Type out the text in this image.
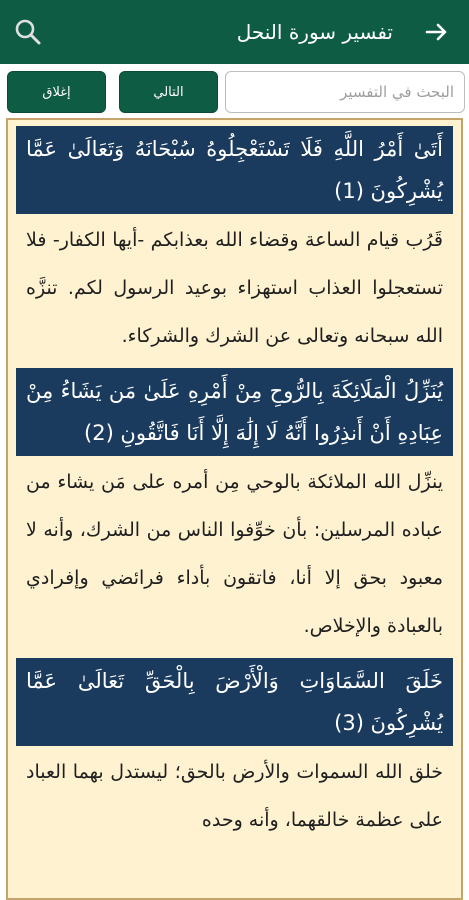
تفسير سورة النحل
إغلاق	التالي	البحث في التفسير
أَتَىٰ أَمْرُ اللَّهِ فَلَا تَسْتَعْجِلُوهُ سُبْحَانَهُ وَتَعَالَىٰ عَمَّا يُشْرِكُونَ (1)
قَرُب قيام الساعة وقضاء الله بعذابكم -أيها الكفار- فلا تستعجلوا العذاب استهزاء بوعيد الرسول لكم. تنزَّه الله سبحانه وتعالى عن الشرك والشركاء.
يُنَزِّلُ الْمَلَائِكَةَ بِالرُّوحِ مِنْ أَمْرِهِ عَلَىٰ مَن يَشَاءُ مِنْ عِبَادِهِ أَنْ أَنذِرُوا أَنَّهُ لَا إِلَٰهَ إِلَّا أَنَا فَاتَّقُونِ (2)
ينزِّل الله الملائكة بالوحي مِن أمره على مَن يشاء من عباده المرسلين: بأن خوِّفوا الناس من الشرك، وأنه لا معبود بحق إلا أنا، فاتقون بأداء فرائضي وإفرادي بالعبادة والإخلاص.
خَلَقَ السَّمَاوَاتِ وَالْأَرْضَ بِالْحَقِّ تَعَالَىٰ عَمَّا يُشْرِكُونَ (3)
خلق الله السموات والأرض بالحق؛ ليستدل بهما العباد على عظمة خالقهما، وأنه وحده
